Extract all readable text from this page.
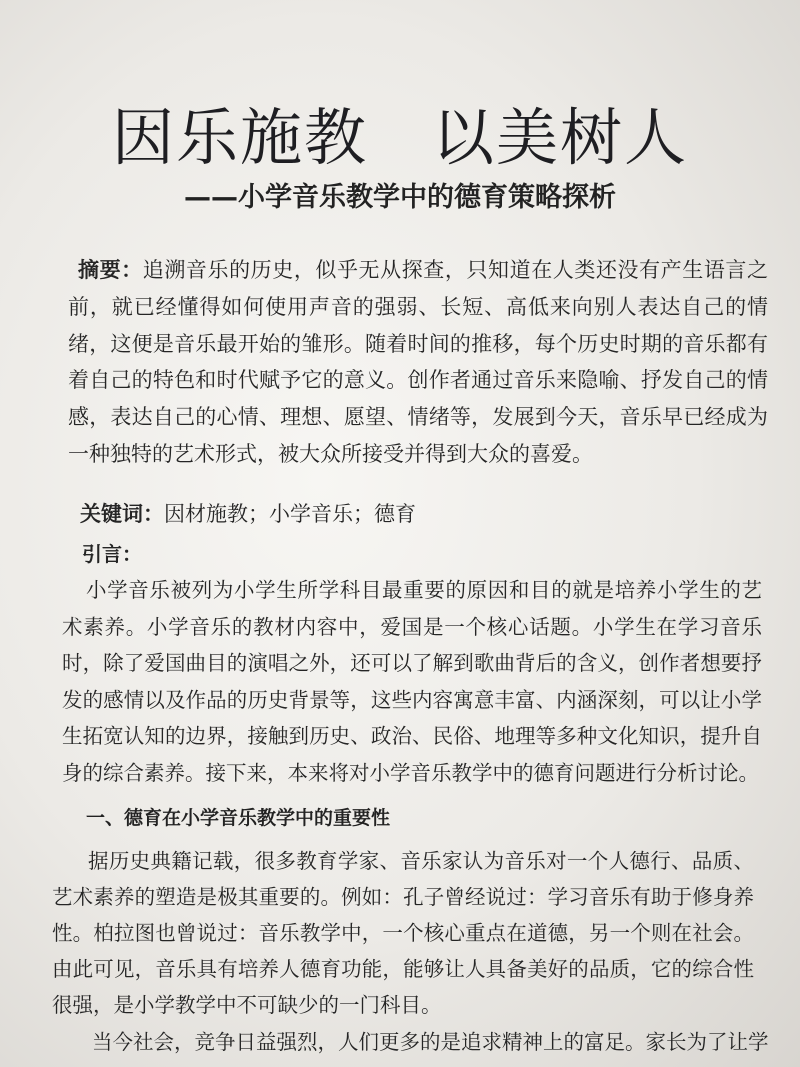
因乐施教　以美树人
——小学音乐教学中的德育策略探析
摘要：追溯音乐的历史，似乎无从探查，只知道在人类还没有产生语言之前，就已经懂得如何使用声音的强弱、长短、高低来向别人表达自己的情绪，这便是音乐最开始的雏形。随着时间的推移，每个历史时期的音乐都有着自己的特色和时代赋予它的意义。创作者通过音乐来隐喻、抒发自己的情感，表达自己的心情、理想、愿望、情绪等，发展到今天，音乐早已经成为一种独特的艺术形式，被大众所接受并得到大众的喜爱。
关键词：因材施教；小学音乐；德育
引言：
小学音乐被列为小学生所学科目最重要的原因和目的就是培养小学生的艺术素养。小学音乐的教材内容中，爱国是一个核心话题。小学生在学习音乐时，除了爱国曲目的演唱之外，还可以了解到歌曲背后的含义，创作者想要抒发的感情以及作品的历史背景等，这些内容寓意丰富、内涵深刻，可以让小学生拓宽认知的边界，接触到历史、政治、民俗、地理等多种文化知识，提升自身的综合素养。接下来，本来将对小学音乐教学中的德育问题进行分析讨论。
一、德育在小学音乐教学中的重要性
据历史典籍记载，很多教育学家、音乐家认为音乐对一个人德行、品质、艺术素养的塑造是极其重要的。例如：孔子曾经说过：学习音乐有助于修身养性。柏拉图也曾说过：音乐教学中，一个核心重点在道德，另一个则在社会。由此可见，音乐具有培养人德育功能，能够让人具备美好的品质，它的综合性很强，是小学教学中不可缺少的一门科目。
当今社会，竞争日益强烈，人们更多的是追求精神上的富足。家长为了让学
